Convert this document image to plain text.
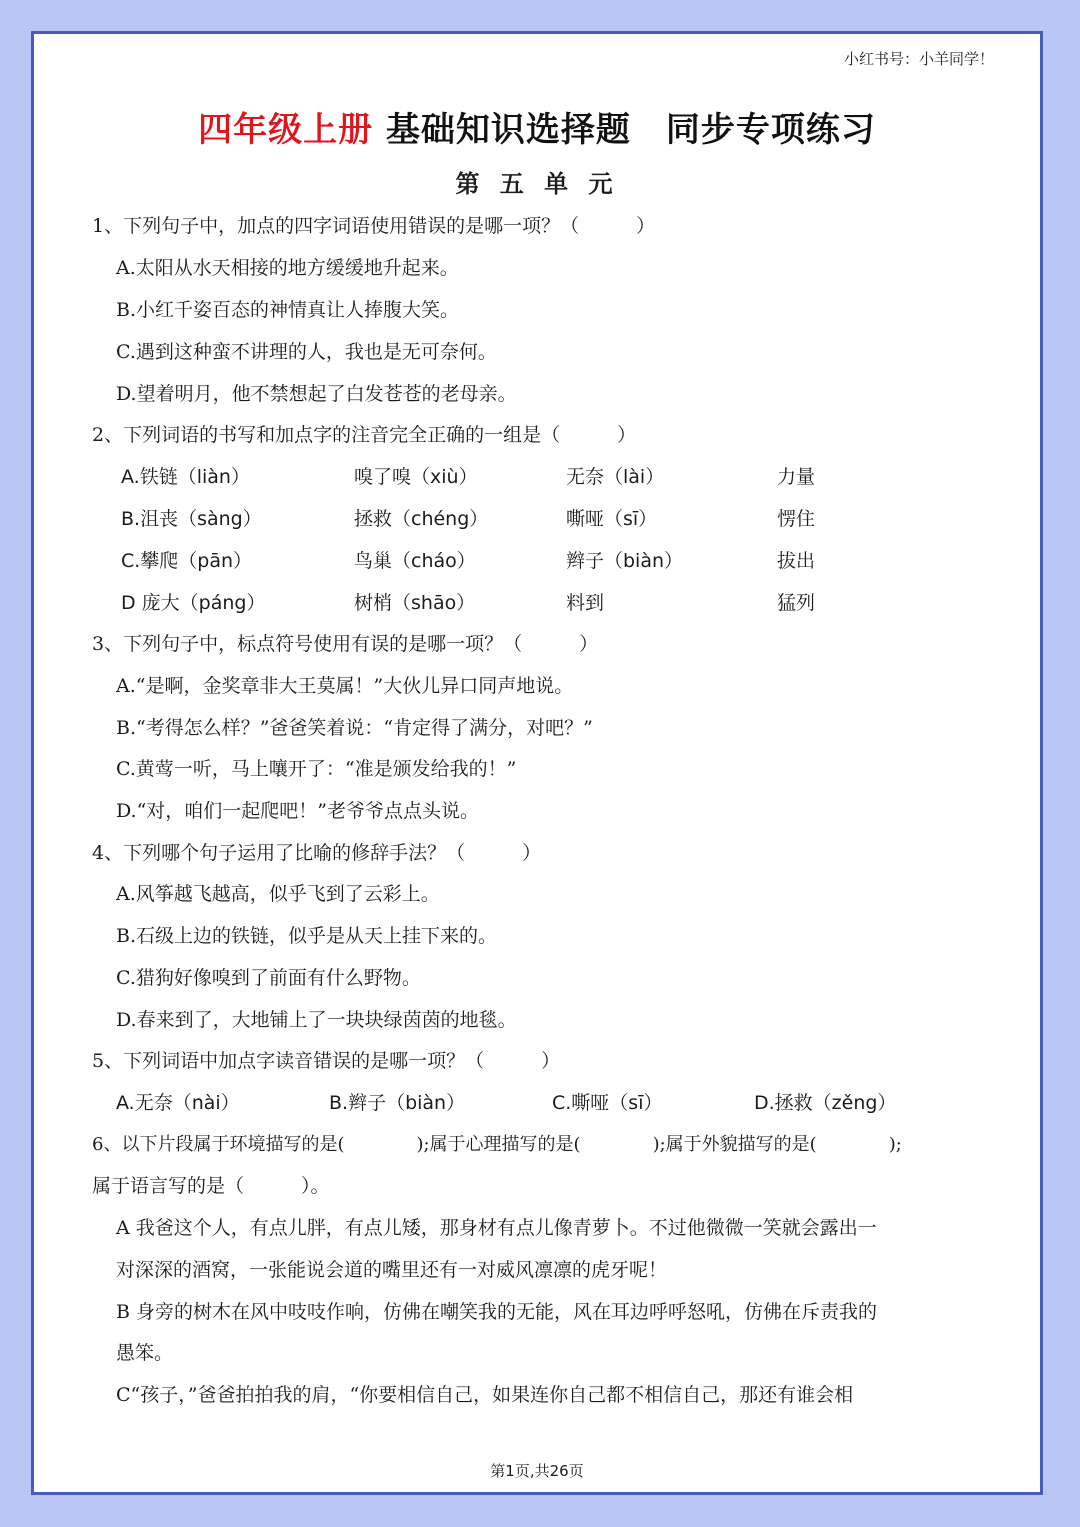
小红书号：小羊同学！
四年级上册 基础知识选择题　同步专项练习
第 五 单 元
1、下列句子中，加点的四字词语使用错误的是哪一项？（　　　）
A.太阳从水天相接的地方缓缓地升起来。
B.小红千姿百态的神情真让人捧腹大笑。
C.遇到这种蛮不讲理的人，我也是无可奈何。
D.望着明月，他不禁想起了白发苍苍的老母亲。
2、下列词语的书写和加点字的注音完全正确的一组是（　　　）
A.铁链（liàn）	嗅了嗅（xiù）	无奈（lài）	力量
B.沮丧（sàng）	拯救（chéng）	嘶哑（sī）	愣住
C.攀爬（pān）	鸟巢（cháo）	辫子（biàn）	拔出
D 庞大（páng）	树梢（shāo）	料到	猛列
3、下列句子中，标点符号使用有误的是哪一项？（　　　）
A.“是啊，金奖章非大王莫属！”大伙儿异口同声地说。
B.“考得怎么样？”爸爸笑着说：“肯定得了满分，对吧？”
C.黄莺一听，马上嚷开了：“准是颁发给我的！”
D.“对，咱们一起爬吧！”老爷爷点点头说。
4、下列哪个句子运用了比喻的修辞手法？（　　　）
A.风筝越飞越高，似乎飞到了云彩上。
B.石级上边的铁链，似乎是从天上挂下来的。
C.猎狗好像嗅到了前面有什么野物。
D.春来到了，大地铺上了一块块绿茵茵的地毯。
5、下列词语中加点字读音错误的是哪一项？（　　　）
A.无奈（nài）	B.辫子（biàn）	C.嘶哑（sī）	D.拯救（zěng）
6、以下片段属于环境描写的是(　　　　);属于心理描写的是(　　　　);属于外貌描写的是(　　　　);
属于语言写的是（　　　）。
A 我爸这个人，有点儿胖，有点儿矮，那身材有点儿像青萝卜。不过他微微一笑就会露出一
对深深的酒窝，一张能说会道的嘴里还有一对威风凛凛的虎牙呢！
B 身旁的树木在风中吱吱作响，仿佛在嘲笑我的无能，风在耳边呼呼怒吼，仿佛在斥责我的
愚笨。
C“孩子，”爸爸拍拍我的肩，“你要相信自己，如果连你自己都不相信自己，那还有谁会相
第1页,共26页
